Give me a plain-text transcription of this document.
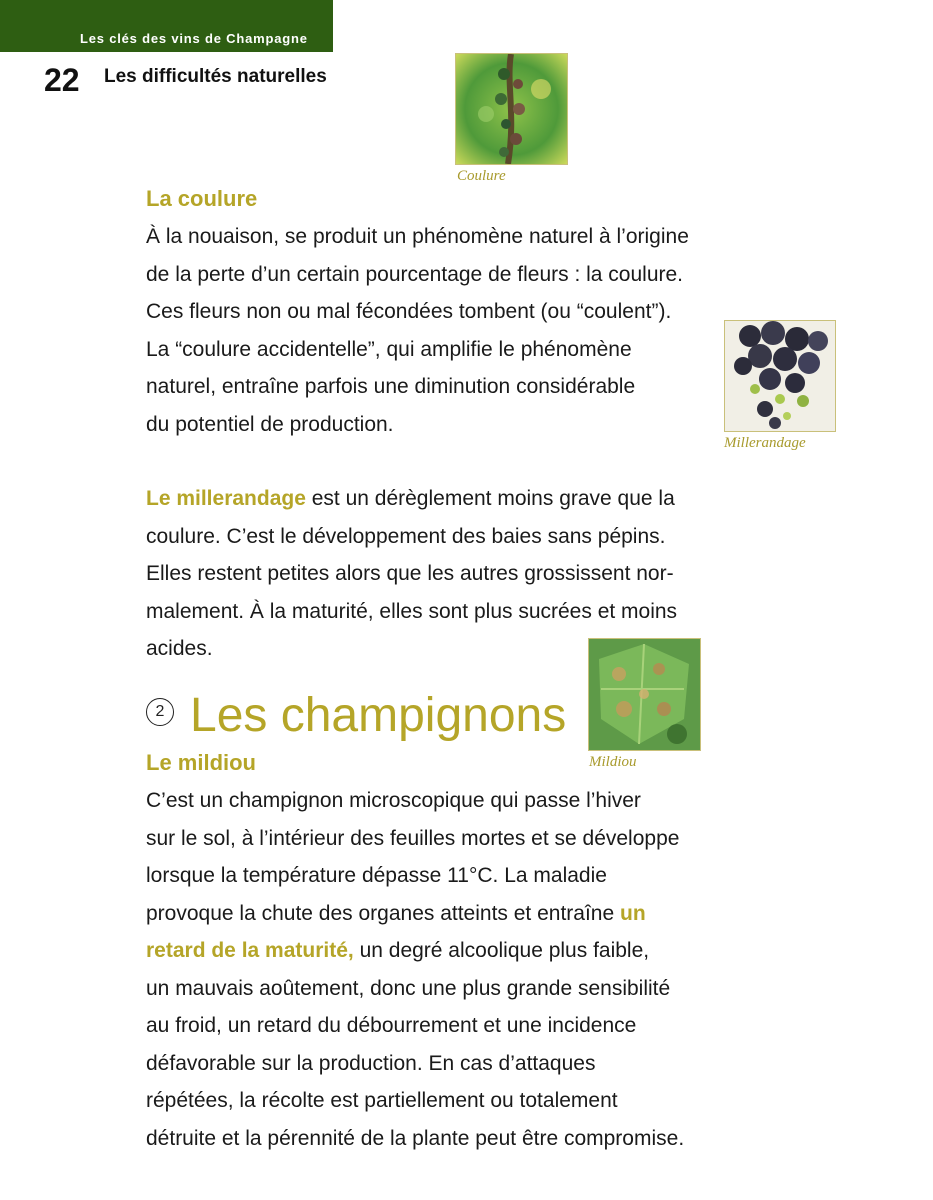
Les clés des vins de Champagne
22 Les difficultés naturelles
Coulure
Millerandage
Mildiou
La coulure
À la nouaison, se produit un phénomène naturel à l’origine
de la perte d’un certain pourcentage de fleurs : la coulure.
Ces fleurs non ou mal fécondées tombent (ou “coulent”).
La “coulure accidentelle”, qui amplifie le phénomène
naturel, entraîne parfois une diminution considérable
du potentiel de production.
Le millerandage est un dérèglement moins grave que la
coulure. C’est le développement des baies sans pépins.
Elles restent petites alors que les autres grossissent nor-
malement. À la maturité, elles sont plus sucrées et moins
acides.
2 Les champignons
Le mildiou
C’est un champignon microscopique qui passe l’hiver
sur le sol, à l’intérieur des feuilles mortes et se développe
lorsque la température dépasse 11°C. La maladie
provoque la chute des organes atteints et entraîne un
retard de la maturité, un degré alcoolique plus faible,
un mauvais aoûtement, donc une plus grande sensibilité
au froid, un retard du débourrement et une incidence
défavorable sur la production. En cas d’attaques
répétées, la récolte est partiellement ou totalement
détruite et la pérennité de la plante peut être compromise.
